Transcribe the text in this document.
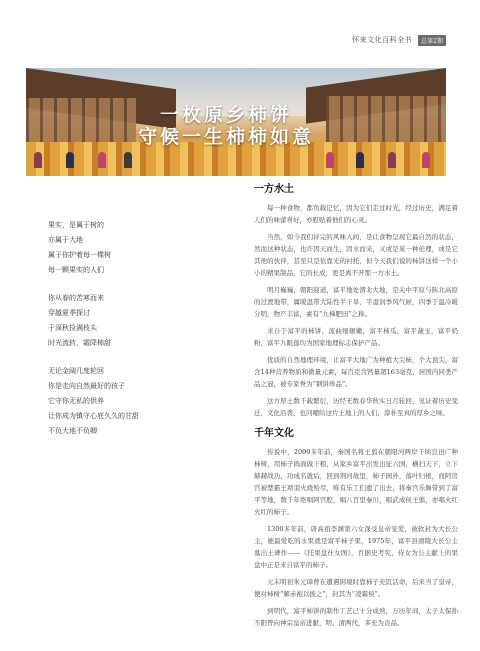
怀来文化百科全书	总第2期
一枚原乡柿饼
守候一生柿柿如意
果实，是属于树的
亦属于大地
属于你护着每一棵树
每一颗果实的人们
你从春的苦寒而来
穿越夏季探讨
于深秋捡满枝头
时光流转，霜降柿甜
无论金阔几度轮回
你是走向自然最好的孩子
它守你无私的供养
让你成为镇守心底久久的甘甜
不负大地不负卿
一方水土

每一种食物，都负载记忆，因为它们走过时光，经过历史，满足着人们的味蕾喜好，亦慰贴着他们的心灵。

当然，如今我们评完的风味人间，是让食物呈现它最自然的状态，然而这种状态，也许因天而生，因水而来，又或是某一种伦理，或是它其他的伙伴，甚至只是依靠光的衬托，但今天我们说的柿饼这样一个小小的精果制品，它的长成，更是离不开那一方水土。

明月巍巍，朝阳迎道，富平地处渭北大地，是关中平原与陕北高原的过渡地带，属暖温带大陆性半干旱、半湿润季风气候，四季于温冷暖分明，物产丰富，素有“九梯肥田”之称。

来自于富平的柿饼，流曲细辗嫩，富平柿瓜，富平蔬玉，富平奶粉，富平九眼莲均为国家地理标志保护产品。

优质的自然地理环境，让富平大地广为种植大尖柿，个大顶尖，富含14种营养物质和微量元素，每百克含钙量超163毫克，居国内同类产品之冠，被专家誉为“钢饼珍品”。

这方厚土数千载繁衍，历经无数春华秋实日月轮回，见证着历史变迁，文化沿袭，也同哺给这片土地上的人们，淳朴至真的厚乡之味。

千年文化

传说中，2000多年前，秦国名将王翦在朝阳河两岸千顷良田广种柿树，用柿子捣面做干粮，从家乡富平出发出征六国，横扫天下，立下赫赫战功，功成名就后，回到荆河故里，柿子园外，落叶归根，而阿房宫被楚霸王项羽火烧殆尽，唯有乐工们遗了出去，将秦宫乐舞带到了富平等地，数千年绝唱阿宫腔，唱八百里秦川，唱武成侯王翦，亦唱火红火红的柿子。

1300多年前，唐高祖李渊第六女深受皇帝宠爱，被软封为大长公主，她最爱吃的水果就是富平柿子果，1975年，富平县滑陵大长公主墓出土碑作——《托果盘仕女图》，百据史考究，侍女为公主献上的果盘中正是来自富平的柿子。

元末明初朱元璋曾在遭遇困境时靠柿子充饥活命，后来当了皇帝，便对柿树“解赤袍以披之”，封其为“凌霜侯”。

到明代，富平柿饼的制作工艺已十分成熟，万历年间，太子太保孙丕阳曾向神宗皇帝进献，明、清两代，多充为贡品。
